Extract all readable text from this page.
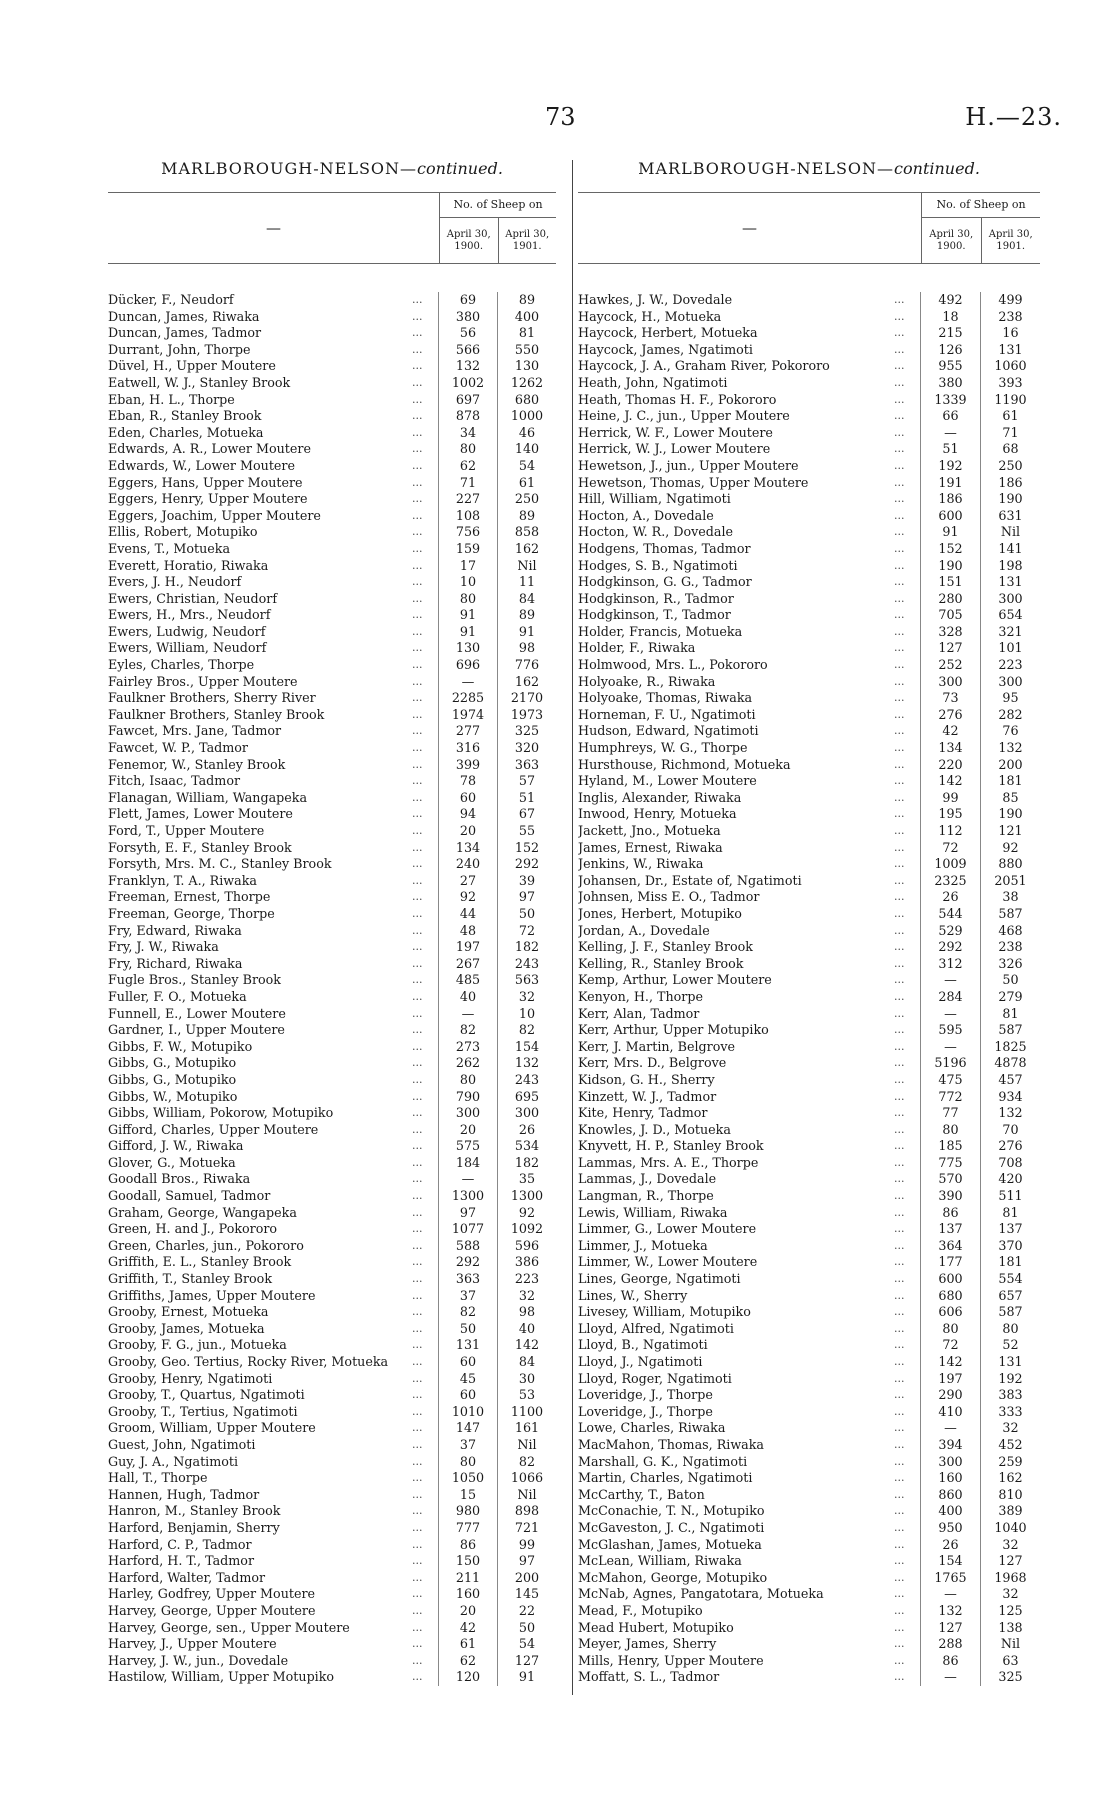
73	H.—23.
MARLBOROUGH-NELSON—continued.
—
No. of Sheep on
April 30, 1900.
April 30, 1901.
Dücker, F., Neudorf	...	69	89
Duncan, James, Riwaka	...	380	400
Duncan, James, Tadmor	...	56	81
Durrant, John, Thorpe	...	566	550
Düvel, H., Upper Moutere	...	132	130
Eatwell, W. J., Stanley Brook	...	1002	1262
Eban, H. L., Thorpe	...	697	680
Eban, R., Stanley Brook	...	878	1000
Eden, Charles, Motueka	...	34	46
Edwards, A. R., Lower Moutere	...	80	140
Edwards, W., Lower Moutere	...	62	54
Eggers, Hans, Upper Moutere	...	71	61
Eggers, Henry, Upper Moutere	...	227	250
Eggers, Joachim, Upper Moutere	...	108	89
Ellis, Robert, Motupiko	...	756	858
Evens, T., Motueka	...	159	162
Everett, Horatio, Riwaka	...	17	Nil
Evers, J. H., Neudorf	...	10	11
Ewers, Christian, Neudorf	...	80	84
Ewers, H., Mrs., Neudorf	...	91	89
Ewers, Ludwig, Neudorf	...	91	91
Ewers, William, Neudorf	...	130	98
Eyles, Charles, Thorpe	...	696	776
Fairley Bros., Upper Moutere	...	—	162
Faulkner Brothers, Sherry River	...	2285	2170
Faulkner Brothers, Stanley Brook	...	1974	1973
Fawcet, Mrs. Jane, Tadmor	...	277	325
Fawcet, W. P., Tadmor	...	316	320
Fenemor, W., Stanley Brook	...	399	363
Fitch, Isaac, Tadmor	...	78	57
Flanagan, William, Wangapeka	...	60	51
Flett, James, Lower Moutere	...	94	67
Ford, T., Upper Moutere	...	20	55
Forsyth, E. F., Stanley Brook	...	134	152
Forsyth, Mrs. M. C., Stanley Brook	...	240	292
Franklyn, T. A., Riwaka	...	27	39
Freeman, Ernest, Thorpe	...	92	97
Freeman, George, Thorpe	...	44	50
Fry, Edward, Riwaka	...	48	72
Fry, J. W., Riwaka	...	197	182
Fry, Richard, Riwaka	...	267	243
Fugle Bros., Stanley Brook	...	485	563
Fuller, F. O., Motueka	...	40	32
Funnell, E., Lower Moutere	...	—	10
Gardner, I., Upper Moutere	...	82	82
Gibbs, F. W., Motupiko	...	273	154
Gibbs, G., Motupiko	...	262	132
Gibbs, G., Motupiko	...	80	243
Gibbs, W., Motupiko	...	790	695
Gibbs, William, Pokorow, Motupiko	...	300	300
Gifford, Charles, Upper Moutere	...	20	26
Gifford, J. W., Riwaka	...	575	534
Glover, G., Motueka	...	184	182
Goodall Bros., Riwaka	...	—	35
Goodall, Samuel, Tadmor	...	1300	1300
Graham, George, Wangapeka	...	97	92
Green, H. and J., Pokororo	...	1077	1092
Green, Charles, jun., Pokororo	...	588	596
Griffith, E. L., Stanley Brook	...	292	386
Griffith, T., Stanley Brook	...	363	223
Griffiths, James, Upper Moutere	...	37	32
Grooby, Ernest, Motueka	...	82	98
Grooby, James, Motueka	...	50	40
Grooby, F. G., jun., Motueka	...	131	142
Grooby, Geo. Tertius, Rocky River, Motueka	...	60	84
Grooby, Henry, Ngatimoti	...	45	30
Grooby, T., Quartus, Ngatimoti	...	60	53
Grooby, T., Tertius, Ngatimoti	...	1010	1100
Groom, William, Upper Moutere	...	147	161
Guest, John, Ngatimoti	...	37	Nil
Guy, J. A., Ngatimoti	...	80	82
Hall, T., Thorpe	...	1050	1066
Hannen, Hugh, Tadmor	...	15	Nil
Hanron, M., Stanley Brook	...	980	898
Harford, Benjamin, Sherry	...	777	721
Harford, C. P., Tadmor	...	86	99
Harford, H. T., Tadmor	...	150	97
Harford, Walter, Tadmor	...	211	200
Harley, Godfrey, Upper Moutere	...	160	145
Harvey, George, Upper Moutere	...	20	22
Harvey, George, sen., Upper Moutere	...	42	50
Harvey, J., Upper Moutere	...	61	54
Harvey, J. W., jun., Dovedale	...	62	127
Hastilow, William, Upper Motupiko	...	120	91
MARLBOROUGH-NELSON—continued.
—
No. of Sheep on
April 30, 1900.
April 30, 1901.
Hawkes, J. W., Dovedale	...	492	499
Haycock, H., Motueka	...	18	238
Haycock, Herbert, Motueka	...	215	16
Haycock, James, Ngatimoti	...	126	131
Haycock, J. A., Graham River, Pokororo	...	955	1060
Heath, John, Ngatimoti	...	380	393
Heath, Thomas H. F., Pokororo	...	1339	1190
Heine, J. C., jun., Upper Moutere	...	66	61
Herrick, W. F., Lower Moutere	...	—	71
Herrick, W. J., Lower Moutere	...	51	68
Hewetson, J., jun., Upper Moutere	...	192	250
Hewetson, Thomas, Upper Moutere	...	191	186
Hill, William, Ngatimoti	...	186	190
Hocton, A., Dovedale	...	600	631
Hocton, W. R., Dovedale	...	91	Nil
Hodgens, Thomas, Tadmor	...	152	141
Hodges, S. B., Ngatimoti	...	190	198
Hodgkinson, G. G., Tadmor	...	151	131
Hodgkinson, R., Tadmor	...	280	300
Hodgkinson, T., Tadmor	...	705	654
Holder, Francis, Motueka	...	328	321
Holder, F., Riwaka	...	127	101
Holmwood, Mrs. L., Pokororo	...	252	223
Holyoake, R., Riwaka	...	300	300
Holyoake, Thomas, Riwaka	...	73	95
Horneman, F. U., Ngatimoti	...	276	282
Hudson, Edward, Ngatimoti	...	42	76
Humphreys, W. G., Thorpe	...	134	132
Hursthouse, Richmond, Motueka	...	220	200
Hyland, M., Lower Moutere	...	142	181
Inglis, Alexander, Riwaka	...	99	85
Inwood, Henry, Motueka	...	195	190
Jackett, Jno., Motueka	...	112	121
James, Ernest, Riwaka	...	72	92
Jenkins, W., Riwaka	...	1009	880
Johansen, Dr., Estate of, Ngatimoti	...	2325	2051
Johnsen, Miss E. O., Tadmor	...	26	38
Jones, Herbert, Motupiko	...	544	587
Jordan, A., Dovedale	...	529	468
Kelling, J. F., Stanley Brook	...	292	238
Kelling, R., Stanley Brook	...	312	326
Kemp, Arthur, Lower Moutere	...	—	50
Kenyon, H., Thorpe	...	284	279
Kerr, Alan, Tadmor	...	—	81
Kerr, Arthur, Upper Motupiko	...	595	587
Kerr, J. Martin, Belgrove	...	—	1825
Kerr, Mrs. D., Belgrove	...	5196	4878
Kidson, G. H., Sherry	...	475	457
Kinzett, W. J., Tadmor	...	772	934
Kite, Henry, Tadmor	...	77	132
Knowles, J. D., Motueka	...	80	70
Knyvett, H. P., Stanley Brook	...	185	276
Lammas, Mrs. A. E., Thorpe	...	775	708
Lammas, J., Dovedale	...	570	420
Langman, R., Thorpe	...	390	511
Lewis, William, Riwaka	...	86	81
Limmer, G., Lower Moutere	...	137	137
Limmer, J., Motueka	...	364	370
Limmer, W., Lower Moutere	...	177	181
Lines, George, Ngatimoti	...	600	554
Lines, W., Sherry	...	680	657
Livesey, William, Motupiko	...	606	587
Lloyd, Alfred, Ngatimoti	...	80	80
Lloyd, B., Ngatimoti	...	72	52
Lloyd, J., Ngatimoti	...	142	131
Lloyd, Roger, Ngatimoti	...	197	192
Loveridge, J., Thorpe	...	290	383
Loveridge, J., Thorpe	...	410	333
Lowe, Charles, Riwaka	...	—	32
MacMahon, Thomas, Riwaka	...	394	452
Marshall, G. K., Ngatimoti	...	300	259
Martin, Charles, Ngatimoti	...	160	162
McCarthy, T., Baton	...	860	810
McConachie, T. N., Motupiko	...	400	389
McGaveston, J. C., Ngatimoti	...	950	1040
McGlashan, James, Motueka	...	26	32
McLean, William, Riwaka	...	154	127
McMahon, George, Motupiko	...	1765	1968
McNab, Agnes, Pangatotara, Motueka	...	—	32
Mead, F., Motupiko	...	132	125
Mead Hubert, Motupiko	...	127	138
Meyer, James, Sherry	...	288	Nil
Mills, Henry, Upper Moutere	...	86	63
Moffatt, S. L., Tadmor	...	—	325
